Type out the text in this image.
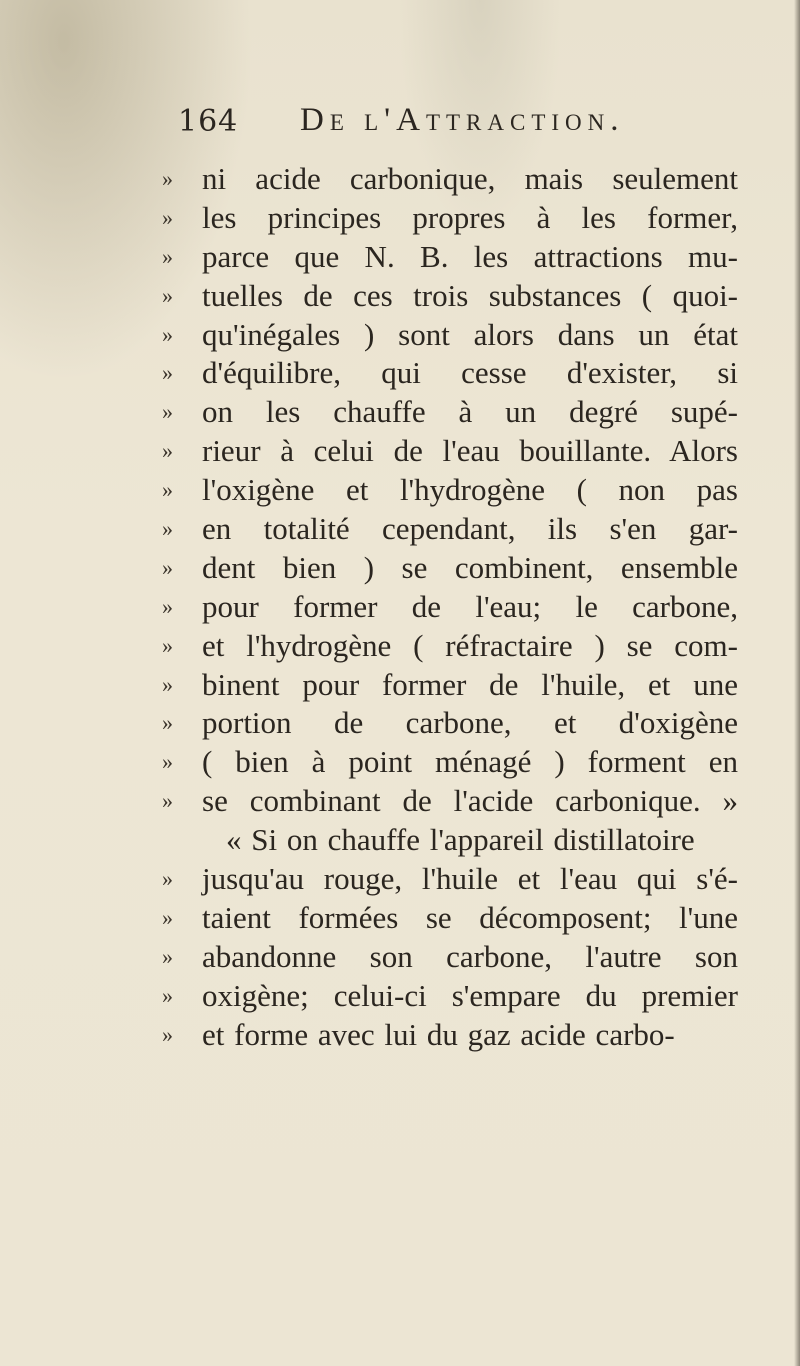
164 De l'Attraction.
» ni acide carbonique, mais seulement
» les principes propres à les former,
» parce que N. B. les attractions mu-
» tuelles de ces trois substances ( quoi-
» qu'inégales ) sont alors dans un état
» d'équilibre, qui cesse d'exister, si
» on les chauffe à un degré supé-
» rieur à celui de l'eau bouillante. Alors
» l'oxigène et l'hydrogène ( non pas
» en totalité cependant, ils s'en gar-
» dent bien ) se combinent, ensemble
» pour former de l'eau; le carbone,
» et l'hydrogène ( réfractaire ) se com-
» binent pour former de l'huile, et une
» portion de carbone, et d'oxigène
» ( bien à point ménagé ) forment en
» se combinant de l'acide carbonique. »
« Si on chauffe l'appareil distillatoire
» jusqu'au rouge, l'huile et l'eau qui s'é-
» taient formées se décomposent; l'une
» abandonne son carbone, l'autre son
» oxigène; celui-ci s'empare du premier
» et forme avec lui du gaz acide carbo-
